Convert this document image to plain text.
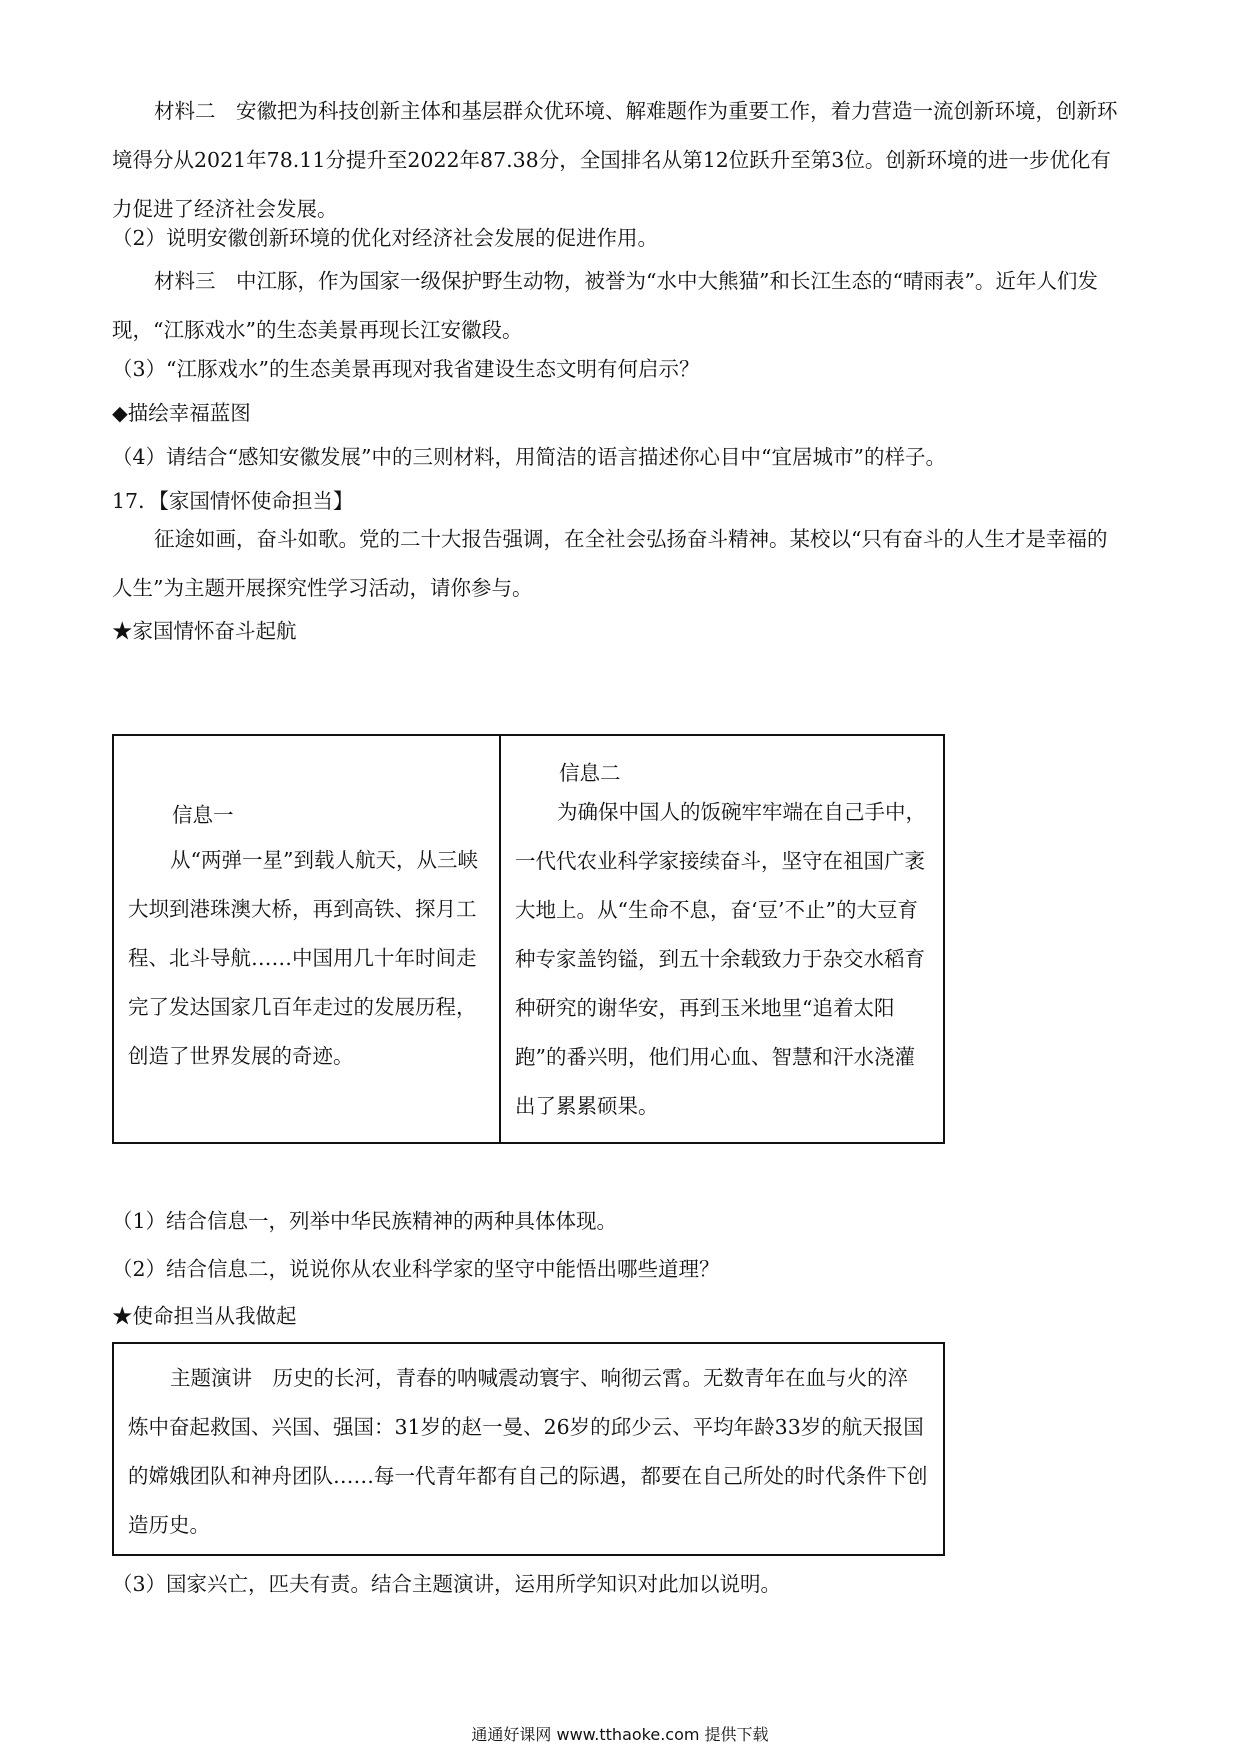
材料二　安徽把为科技创新主体和基层群众优环境、解难题作为重要工作，着力营造一流创新环境，创新环境得分从2021年78.11分提升至2022年87.38分，全国排名从第12位跃升至第3位。创新环境的进一步优化有力促进了经济社会发展。

（2）说明安徽创新环境的优化对经济社会发展的促进作用。

材料三　中江豚，作为国家一级保护野生动物，被誉为“水中大熊猫”和长江生态的“晴雨表”。近年人们发现，“江豚戏水”的生态美景再现长江安徽段。

（3）“江豚戏水”的生态美景再现对我省建设生态文明有何启示？
◆描绘幸福蓝图
（4）请结合“感知安徽发展”中的三则材料，用简洁的语言描述你心目中“宜居城市”的样子。
17．【家国情怀使命担当】

征途如画，奋斗如歌。党的二十大报告强调，在全社会弘扬奋斗精神。某校以“只有奋斗的人生才是幸福的人生”为主题开展探究性学习活动，请你参与。

★家国情怀奋斗起航
信息一

从“两弹一星”到载人航天，从三峡大坝到港珠澳大桥，再到高铁、探月工程、北斗导航……中国用几十年时间走完了发达国家几百年走过的发展历程，创造了世界发展的奇迹。

信息二

为确保中国人的饭碗牢牢端在自己手中，一代代农业科学家接续奋斗，坚守在祖国广袤大地上。从“生命不息，奋‘豆’不止”的大豆育种专家盖钧镒，到五十余载致力于杂交水稻育种研究的谢华安，再到玉米地里“追着太阳跑”的番兴明，他们用心血、智慧和汗水浇灌出了累累硕果。

（1）结合信息一，列举中华民族精神的两种具体体现。
（2）结合信息二，说说你从农业科学家的坚守中能悟出哪些道理？
★使命担当从我做起

主题演讲　历史的长河，青春的呐喊震动寰宇、响彻云霄。无数青年在血与火的淬炼中奋起救国、兴国、强国：31岁的赵一曼、26岁的邱少云、平均年龄33岁的航天报国的嫦娥团队和神舟团队……每一代青年都有自己的际遇，都要在自己所处的时代条件下创造历史。

（3）国家兴亡，匹夫有责。结合主题演讲，运用所学知识对此加以说明。
通通好课网 www.tthaoke.com 提供下载
